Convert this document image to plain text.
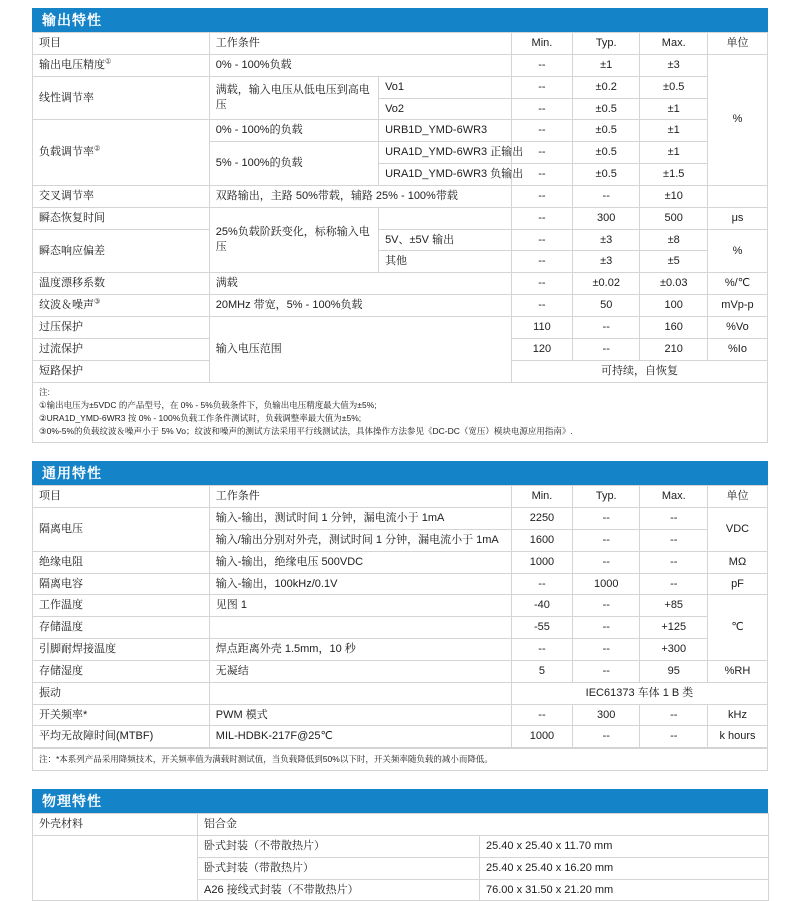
输出特性
项目	工作条件		Min.	Typ.	Max.	单位
输出电压精度①	0% - 100%负载		--	±1	±3	%
线性调节率	满载，输入电压从低电压到高电压	Vo1	--	±0.2	±0.5	
		Vo2	--	±0.5	±1	
负载调节率②	0% - 100%的负载	URB1D_YMD-6WR3	--	±0.5	±1	
	5% - 100%的负载	URA1D_YMD-6WR3 正输出	--	±0.5	±1	
		URA1D_YMD-6WR3 负输出	--	±0.5	±1.5	
交叉调节率	双路输出，主路 50%带载，辅路 25% - 100%带载		--	--	±10	
瞬态恢复时间	25%负载阶跃变化，标称输入电压		--	300	500	μs
瞬态响应偏差		5V、±5V 输出	--	±3	±8	%
		其他	--	±3	±5	
温度漂移系数	满载		--	±0.02	±0.03	%/℃
纹波＆噪声③	20MHz 带宽，5% - 100%负载		--	50	100	mVp-p
过压保护	输入电压范围		110	--	160	%Vo
过流保护			120	--	210	%Io
短路保护			可持续，自恢复			
注:
①输出电压为±5VDC 的产品型号，在 0% - 5%负载条件下，负输出电压精度最大值为±5%;
②URA1D_YMD-6WR3 按 0% - 100%负载工作条件测试时，负载调整率最大值为±5%;
③0%-5%的负载纹波＆噪声小于 5% Vo；纹波和噪声的测试方法采用平行线测试法，具体操作方法参见《DC-DC（宽压）模块电源应用指南》.
通用特性
项目	工作条件	Min.	Typ.	Max.	单位
隔离电压	输入-输出，测试时间 1 分钟，漏电流小于 1mA	2250	--	--	VDC
	输入/输出分别对外壳，测试时间 1 分钟，漏电流小于 1mA	1600	--	--	
绝缘电阻	输入-输出，绝缘电压 500VDC	1000	--	--	MΩ
隔离电容	输入-输出，100kHz/0.1V	--	1000	--	pF
工作温度	见图 1	-40	--	+85	℃
存储温度		-55	--	+125	
引脚耐焊接温度	焊点距离外壳 1.5mm，10 秒	--	--	+300	
存储湿度	无凝结	5	--	95	%RH
振动		IEC61373 车体 1 B 类			
开关频率*	PWM 模式	--	300	--	kHz
平均无故障时间(MTBF)	MIL-HDBK-217F@25℃	1000	--	--	k hours
注：*本系列产品采用降频技术，开关频率值为满载时测试值，当负载降低到50%以下时，开关频率随负载的减小而降低。
物理特性
外壳材料	铝合金	
	卧式封装（不带散热片）	25.40 x 25.40 x 11.70 mm
	卧式封装（带散热片）	25.40 x 25.40 x 16.20 mm
	A26 接线式封装（不带散热片）	76.00 x 31.50 x 21.20 mm
